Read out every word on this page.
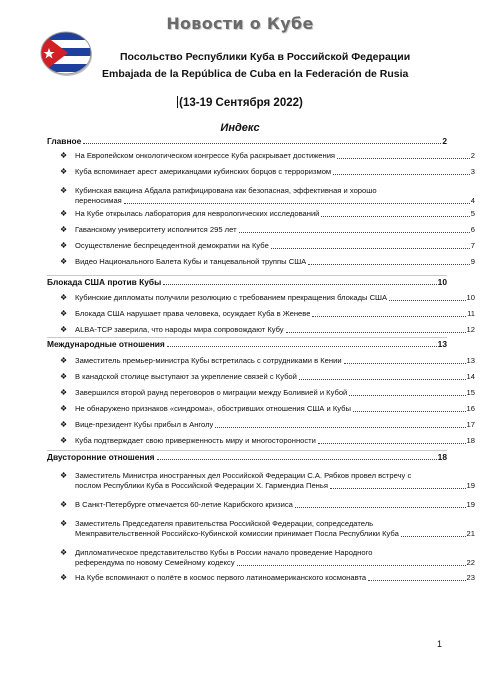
Новости о Кубе
Посольство Республики Куба в Российской Федерации
Embajada de la República de Cuba en la Federación de Rusia
(13-19 Сентября 2022)
Индекс
Главное	2
❖ На Европейском онкологическом конгрессе Куба раскрывает достижения	2
❖ Куба вспоминает арест американцами кубинских борцов с терроризмом	3
❖ Кубинская вакцина Абдала ратифицирована как безопасная, эффективная и хорошо
переносимая	4
❖ На Кубе открылась лаборатория для неврологических исследований	5
❖ Гаванскому университету исполнится 295 лет	6
❖ Осуществление беспрецедентной демократии на Кубе	7
❖ Видео Национального Балета Кубы и танцевальной труппы США	9
Блокада США против Кубы	10
❖ Кубинские дипломаты получили резолюцию с требованием прекращения блокады США	10
❖ Блокада США нарушает права человека, осуждает Куба в Женеве	11
❖ ALBA-TCP заверила, что народы мира сопровождают Кубу	12
Международные отношения	13
❖ Заместитель премьер-министра Кубы встретилась с сотрудниками в Кении	13
❖ В канадской столице выступают за укрепление связей с Кубой	14
❖ Завершился второй раунд переговоров о миграции между Боливией и Кубой	15
❖ Не обнаружено признаков «синдрома», обостривших отношения США и Кубы	16
❖ Вице-президент Кубы прибыл в Анголу	17
❖ Куба подтверждает свою приверженность миру и многосторонности	18
Двусторонние отношения	18
❖ Заместитель Министра иностранных дел Российской Федерации С.А. Рябков провел встречу с
послом Республики Куба в Российской Федерации Х. Гармендиа Пенья	19
❖ В Санкт-Петербурге отмечается 60-летие Карибского кризиса	19
❖ Заместитель Председателя правительства Российской Федерации, сопредседатель
Межправительственной Российско-Кубинской комиссии принимает Посла Республики Куба	21
❖ Дипломатическое представительство Кубы в России начало проведение Народного
референдума по новому Семейному кодексу	22
❖ На Кубе вспоминают о полёте в космос первого латиноамериканского космонавта	23
1
